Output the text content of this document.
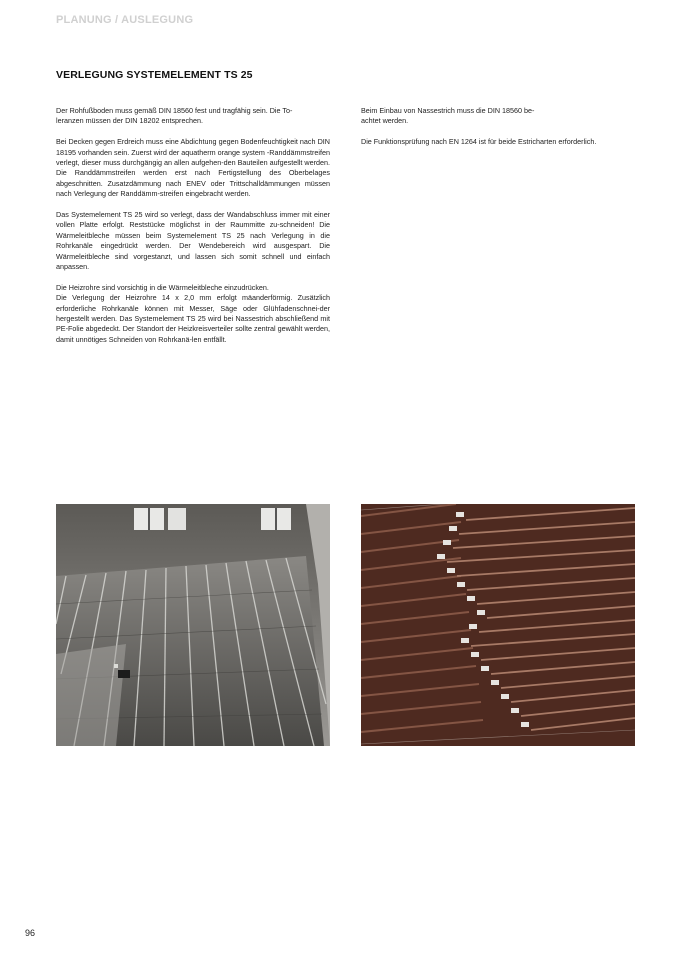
PLANUNG / AUSLEGUNG
VERLEGUNG SYSTEMELEMENT TS 25

Der Rohfußboden muss gemäß DIN 18560 fest und tragfähig sein. Die To-
leranzen müssen der DIN 18202 entsprechen.

Bei Decken gegen Erdreich muss eine Abdichtung gegen Bodenfeuchtigkeit nach DIN 18195 vorhanden sein. Zuerst wird der aquatherm orange system -Randdämmstreifen verlegt, dieser muss durchgängig an allen aufgehen-den Bauteilen aufgestellt werden. Die Randdämmstreifen werden erst nach Fertigstellung des Oberbelages abgeschnitten. Zusatzdämmung nach ENEV oder Trittschalldämmungen müssen nach Verlegung der Randdämm-streifen eingebracht werden.

Das Systemelement TS 25 wird so verlegt, dass der Wandabschluss immer mit einer vollen Platte erfolgt. Reststücke möglichst in der Raummitte zu-schneiden! Die Wärmeleitbleche müssen beim Systemelement TS 25 nach Verlegung in die Rohrkanäle eingedrückt werden. Der Wendebereich wird ausgespart. Die Wärmeleitbleche sind vorgestanzt, und lassen sich somit schnell und einfach anpassen.

Die Heizrohre sind vorsichtig in die Wärmeleitbleche einzudrücken.

Die Verlegung der Heizrohre 14 x 2,0 mm erfolgt mäanderförmig. Zusätzlich erforderliche Rohrkanäle können mit Messer, Säge oder Glühfadenschnei-der hergestellt werden. Das Systemelement TS 25 wird bei Nassestrich abschließend mit PE-Folie abgedeckt. Der Standort der Heizkreisverteiler sollte zentral gewählt werden, damit unnötiges Schneiden von Rohrkanä-len entfällt.

Beim Einbau von Nassestrich muss die DIN 18560 be-
achtet werden.

Die Funktionsprüfung nach EN 1264 ist für beide Estricharten erforderlich.

96
